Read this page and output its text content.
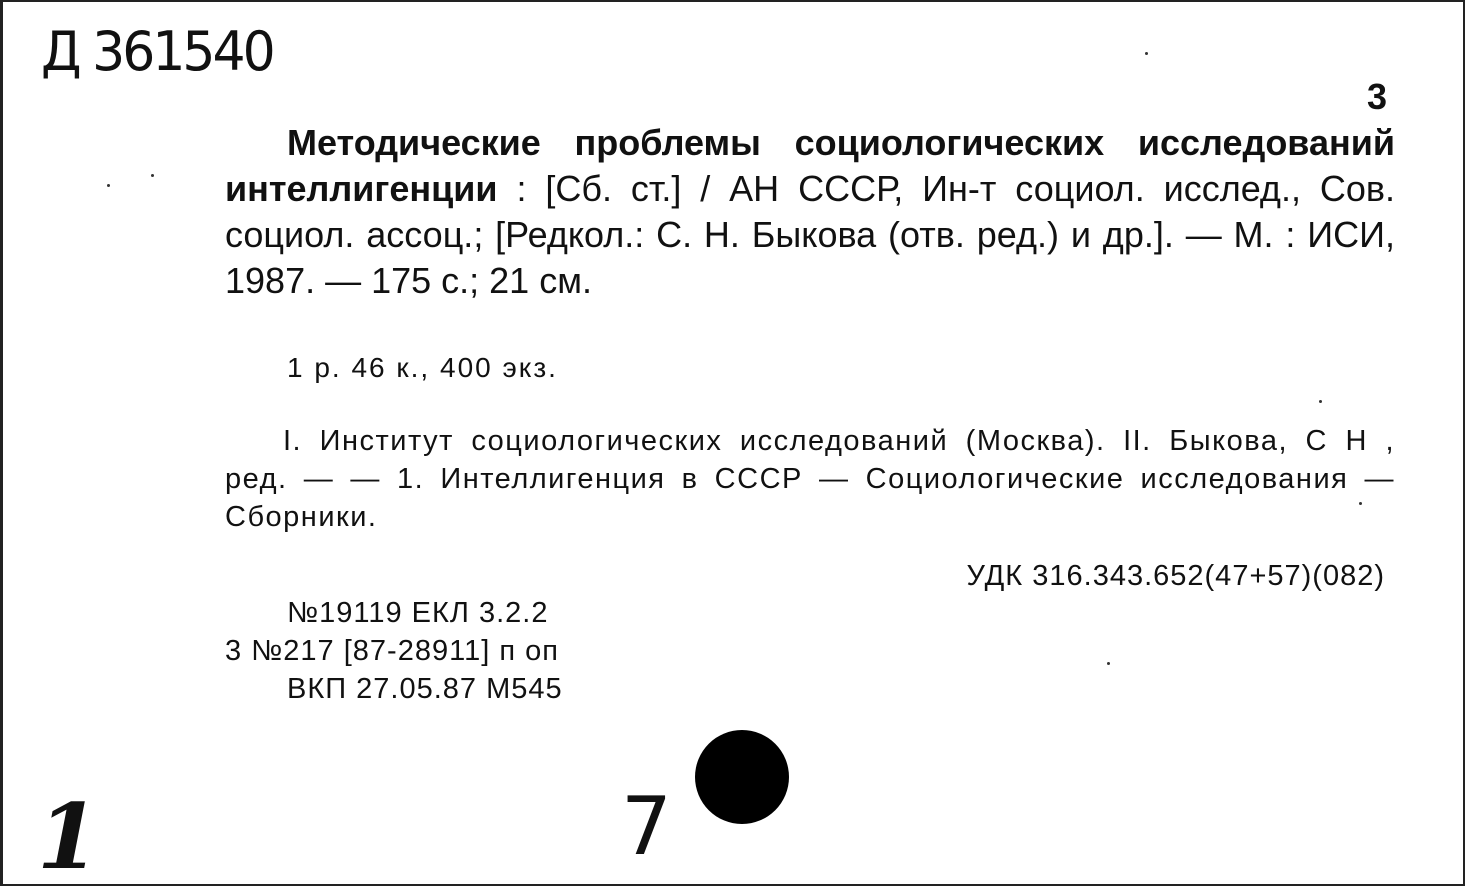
Д 361540
3
Методические проблемы социологических исследований интеллигенции : [Сб. ст.] / АН СССР, Ин-т социол. исслед., Сов. социол. ассоц.; [Редкол.: С. Н. Быкова (отв. ред.) и др.]. — М. : ИСИ, 1987. — 175 с.; 21 см.
1 р. 46 к., 400 экз.
I. Институт социологических исследований (Москва). II. Быкова, С Н , ред. — — 1. Интеллигенция в СССР — Социологические исследования — Сборники.
УДК 316.343.652(47+57)(082)
№19119 ЕКЛ 3.2.2
3 №217 [87-28911] п оп
ВКП 27.05.87 М545
1	7
